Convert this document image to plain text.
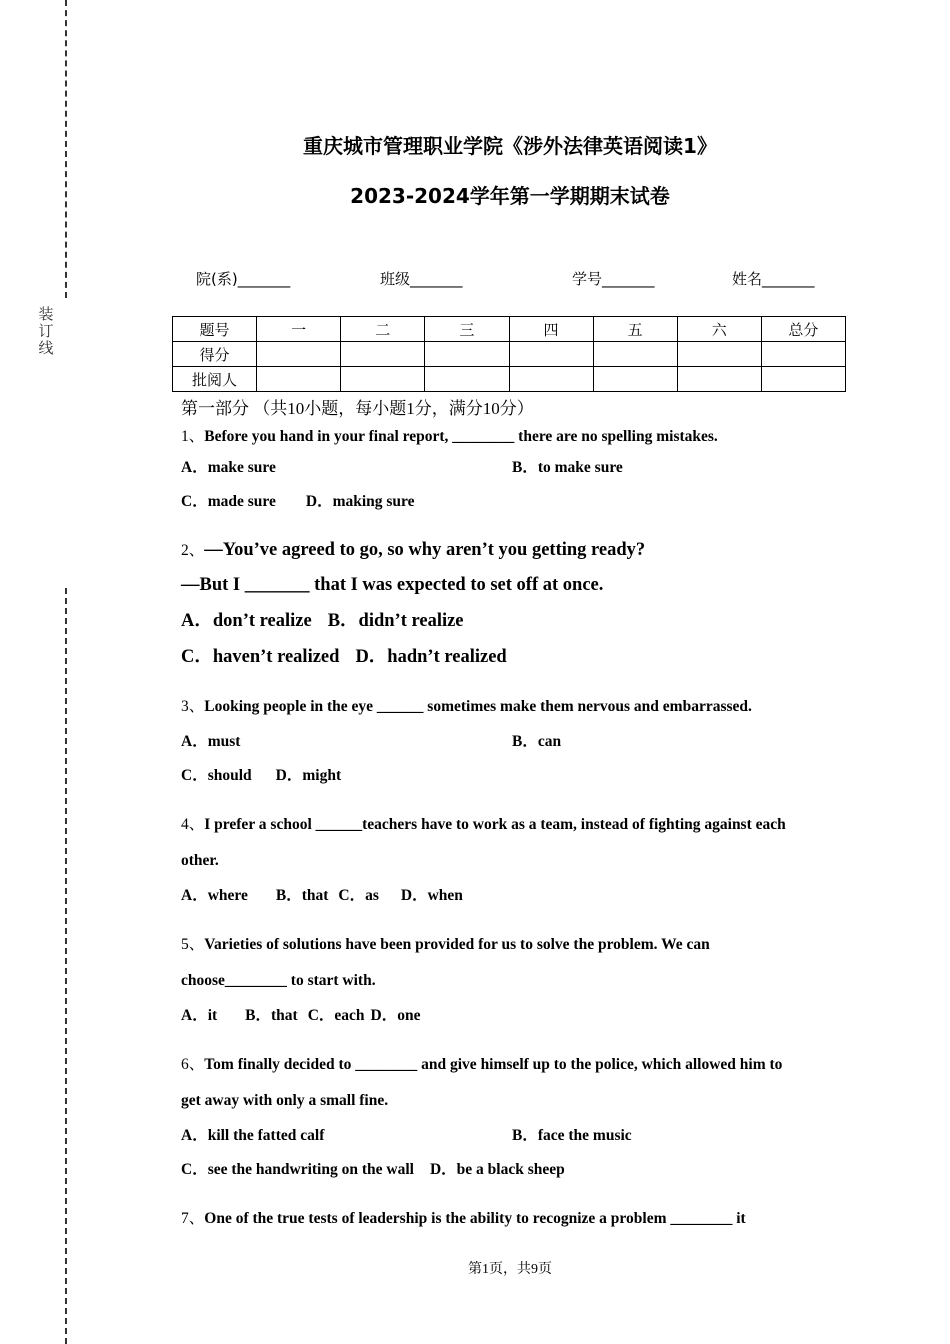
装订线
重庆城市管理职业学院《涉外法律英语阅读1》
2023-2024学年第一学期期末试卷
院(系)_______	班级_______	学号_______	姓名_______
题号	一	二	三	四	五	六	总分
得分							
批阅人							

第一部分 （共10小题，每小题1分，满分10分）

1、Before you hand in your final report, ________ there are no spelling mistakes.

A．make sure	B．to make sure

C．made sure D．making sure

2、—You’ve agreed to go, so why aren’t you getting ready?

—But I _______ that I was expected to set off at once.

A．don’t realize B．didn’t realize

C．haven’t realized D．hadn’t realized

3、Looking people in the eye ______ sometimes make them nervous and embarrassed.

A．must	B．can

C．should D．might

4、I prefer a school ______teachers have to work as a team, instead of fighting against each

other.

A．where B．that C．as D．when

5、Varieties of solutions have been provided for us to solve the problem. We can

choose________ to start with.

A．it B．that C．each D．one

6、Tom finally decided to ________ and give himself up to the police, which allowed him to

get away with only a small fine.

A．kill the fatted calf	B．face the music

C．see the handwriting on the wall D．be a black sheep

7、One of the true tests of leadership is the ability to recognize a problem ________ it

第1页，共9页
